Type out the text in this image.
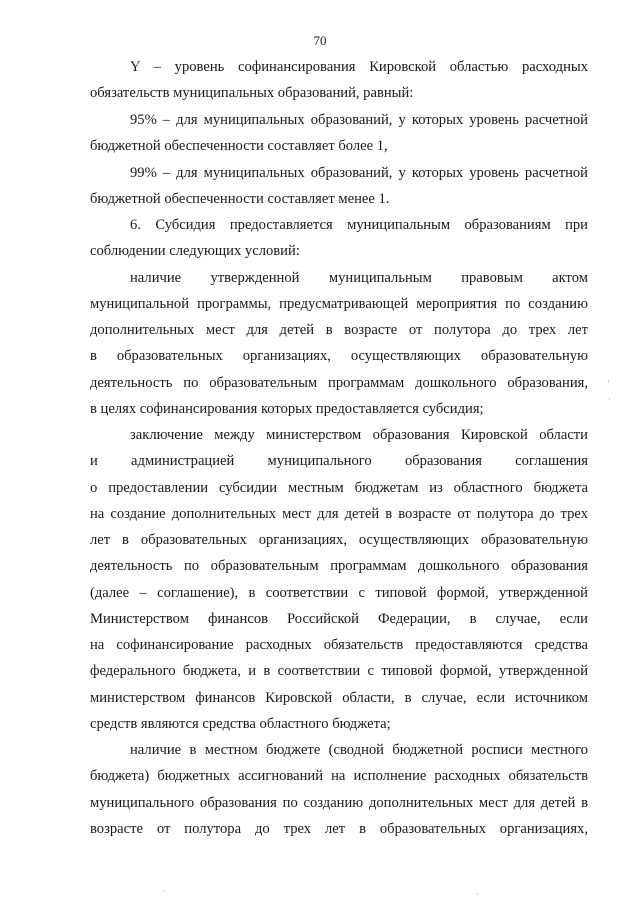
70
Y – уровень софинансирования Кировской областью расходных
обязательств муниципальных образований, равный:
95% – для муниципальных образований, у которых уровень расчетной
бюджетной обеспеченности составляет более 1,
99% – для муниципальных образований, у которых уровень расчетной
бюджетной обеспеченности составляет менее 1.
6. Субсидия предоставляется муниципальным образованиям при
соблюдении следующих условий:
наличие утвержденной муниципальным правовым актом
муниципальной программы, предусматривающей мероприятия по созданию
дополнительных мест для детей в возрасте от полутора до трех лет
в образовательных организациях, осуществляющих образовательную
деятельность по образовательным программам дошкольного образования,
в целях софинансирования которых предоставляется субсидия;
заключение между министерством образования Кировской области
и администрацией муниципального образования соглашения
о предоставлении субсидии местным бюджетам из областного бюджета
на создание дополнительных мест для детей в возрасте от полутора до трех
лет в образовательных организациях, осуществляющих образовательную
деятельность по образовательным программам дошкольного образования
(далее – соглашение), в соответствии с типовой формой, утвержденной
Министерством финансов Российской Федерации, в случае, если
на софинансирование расходных обязательств предоставляются средства
федерального бюджета, и в соответствии с типовой формой, утвержденной
министерством финансов Кировской области, в случае, если источником
средств являются средства областного бюджета;
наличие в местном бюджете (сводной бюджетной росписи местного
бюджета) бюджетных ассигнований на исполнение расходных обязательств
муниципального образования по созданию дополнительных мест для детей в
возрасте от полутора до трех лет в образовательных организациях,
